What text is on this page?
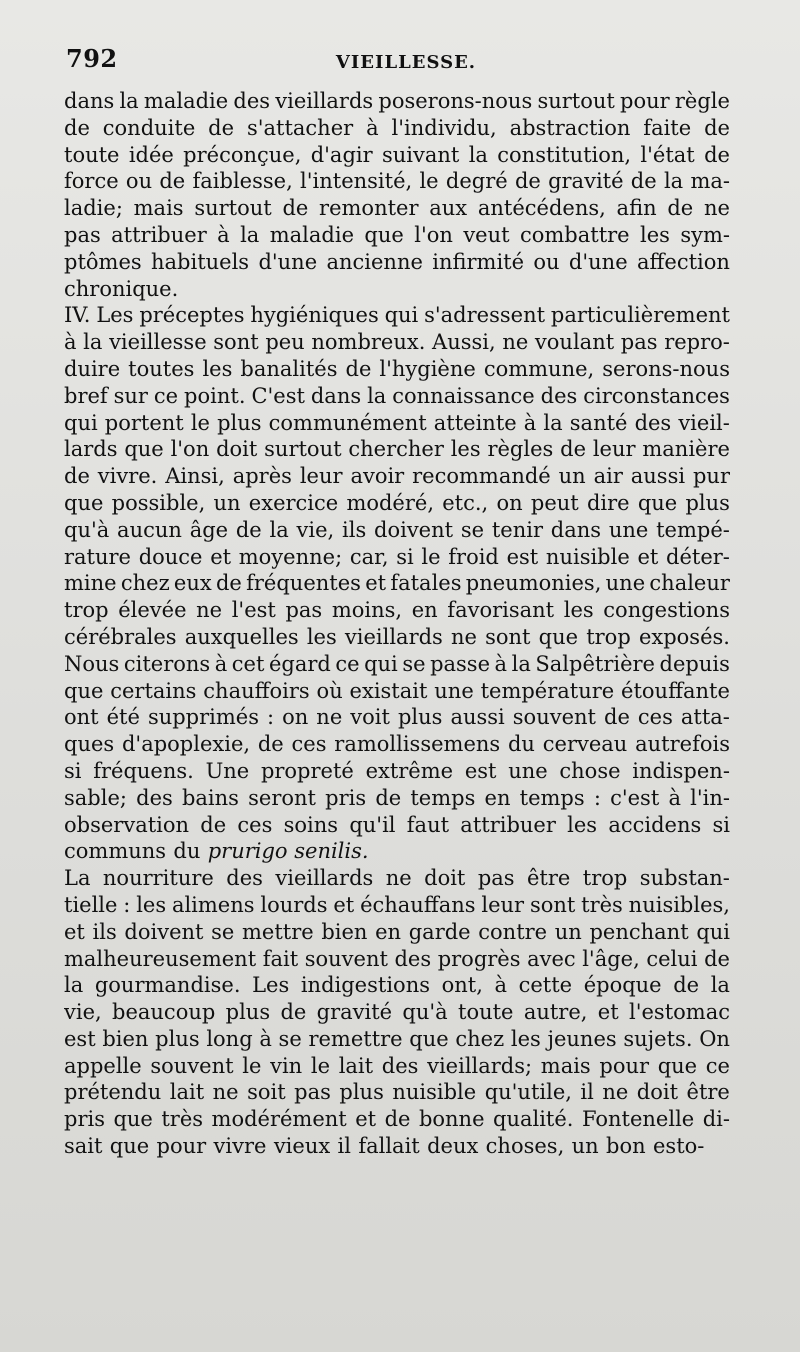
792	VIEILLESSE.
dans la maladie des vieillards poserons-nous surtout pour règle
de conduite de s'attacher à l'individu, abstraction faite de
toute idée préconçue, d'agir suivant la constitution, l'état de
force ou de faiblesse, l'intensité, le degré de gravité de la ma-
ladie; mais surtout de remonter aux antécédens, afin de ne
pas attribuer à la maladie que l'on veut combattre les sym-
ptômes habituels d'une ancienne infirmité ou d'une affection
chronique.
IV. Les préceptes hygiéniques qui s'adressent particulièrement
à la vieillesse sont peu nombreux. Aussi, ne voulant pas repro-
duire toutes les banalités de l'hygiène commune, serons-nous
bref sur ce point. C'est dans la connaissance des circonstances
qui portent le plus communément atteinte à la santé des vieil-
lards que l'on doit surtout chercher les règles de leur manière
de vivre. Ainsi, après leur avoir recommandé un air aussi pur
que possible, un exercice modéré, etc., on peut dire que plus
qu'à aucun âge de la vie, ils doivent se tenir dans une tempé-
rature douce et moyenne; car, si le froid est nuisible et déter-
mine chez eux de fréquentes et fatales pneumonies, une chaleur
trop élevée ne l'est pas moins, en favorisant les congestions
cérébrales auxquelles les vieillards ne sont que trop exposés.
Nous citerons à cet égard ce qui se passe à la Salpêtrière depuis
que certains chauffoirs où existait une température étouffante
ont été supprimés : on ne voit plus aussi souvent de ces atta-
ques d'apoplexie, de ces ramollissemens du cerveau autrefois
si fréquens. Une propreté extrême est une chose indispen-
sable; des bains seront pris de temps en temps : c'est à l'in-
observation de ces soins qu'il faut attribuer les accidens si
communs du prurigo senilis.
La nourriture des vieillards ne doit pas être trop substan-
tielle : les alimens lourds et échauffans leur sont très nuisibles,
et ils doivent se mettre bien en garde contre un penchant qui
malheureusement fait souvent des progrès avec l'âge, celui de
la gourmandise. Les indigestions ont, à cette époque de la
vie, beaucoup plus de gravité qu'à toute autre, et l'estomac
est bien plus long à se remettre que chez les jeunes sujets. On
appelle souvent le vin le lait des vieillards; mais pour que ce
prétendu lait ne soit pas plus nuisible qu'utile, il ne doit être
pris que très modérément et de bonne qualité. Fontenelle di-
sait que pour vivre vieux il fallait deux choses, un bon esto-
